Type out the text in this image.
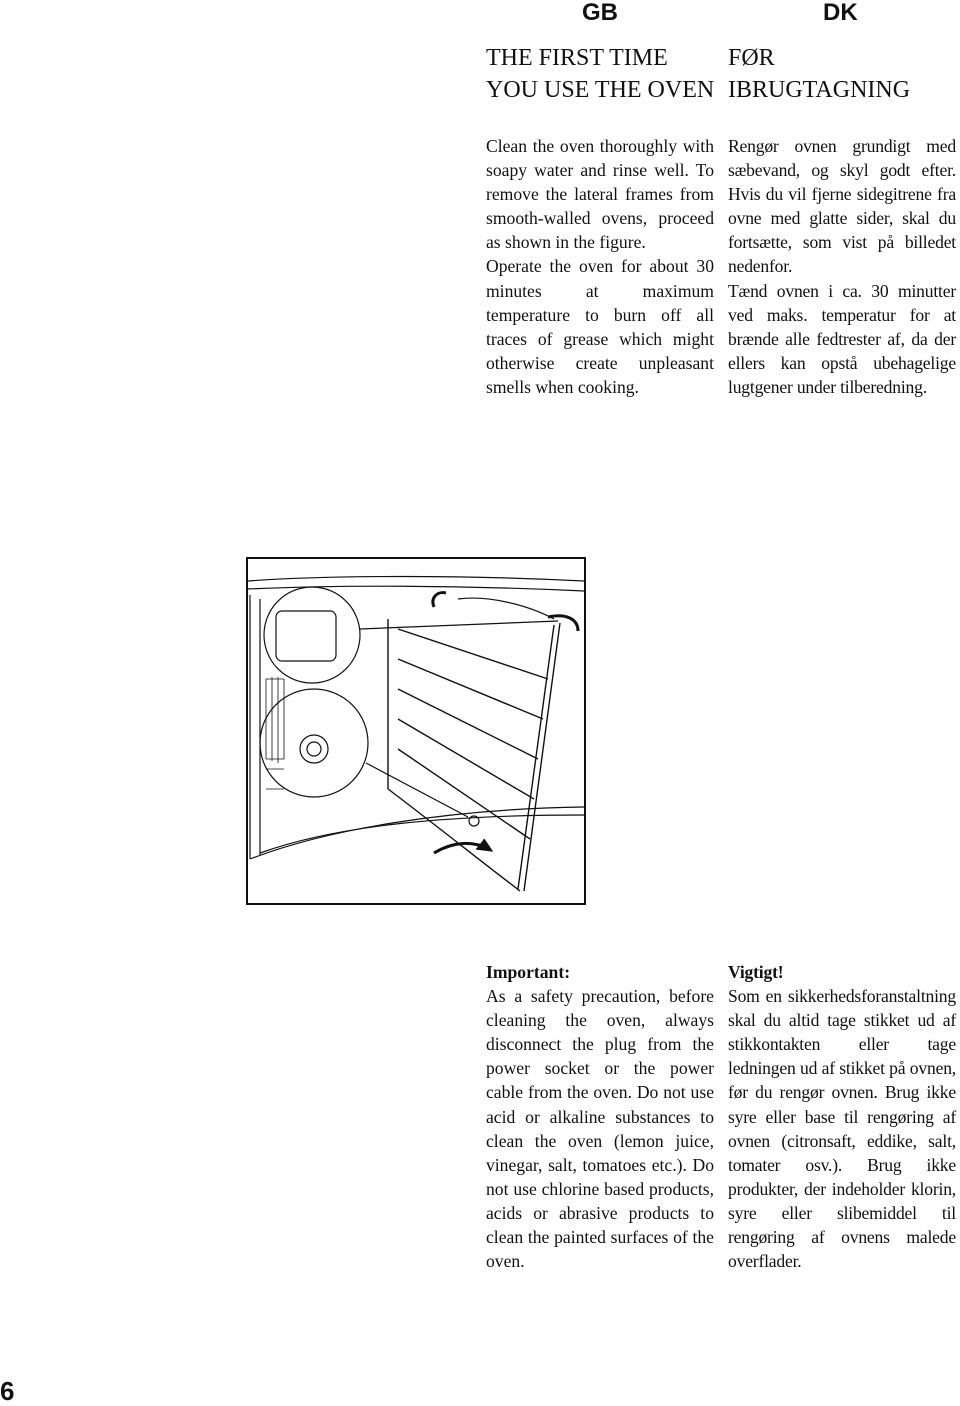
GB	DK
THE FIRST TIME
YOU USE THE OVEN
FØR
IBRUGTAGNING

Clean the oven thoroughly with soapy water and rinse well. To remove the lateral frames from smooth-walled ovens, proceed as shown in the figure.

Operate the oven for about 30 minutes at maximum temperature to burn off all traces of grease which might otherwise create unpleasant smells when cooking.

Rengør ovnen grundigt med sæbevand, og skyl godt efter. Hvis du vil fjerne sidegitrene fra ovne med glatte sider, skal du fortsætte, som vist på billedet nedenfor.

Tænd ovnen i ca. 30 minutter ved maks. temperatur for at brænde alle fedtrester af, da der ellers kan opstå ubehagelige lugtgener under tilberedning.

Important:

As a safety precaution, before cleaning the oven, always disconnect the plug from the power socket or the power cable from the oven. Do not use acid or alkaline substances to clean the oven (lemon juice, vinegar, salt, tomatoes etc.). Do not use chlorine based products, acids or abrasive products to clean the painted surfaces of the oven.

Vigtigt!

Som en sikkerhedsforanstaltning skal du altid tage stikket ud af stikkontakten eller tage ledningen ud af stikket på ovnen, før du rengør ovnen. Brug ikke syre eller base til rengøring af ovnen (citronsaft, eddike, salt, tomater osv.). Brug ikke produkter, der indeholder klorin, syre eller slibemiddel til rengøring af ovnens malede overflader.

6
